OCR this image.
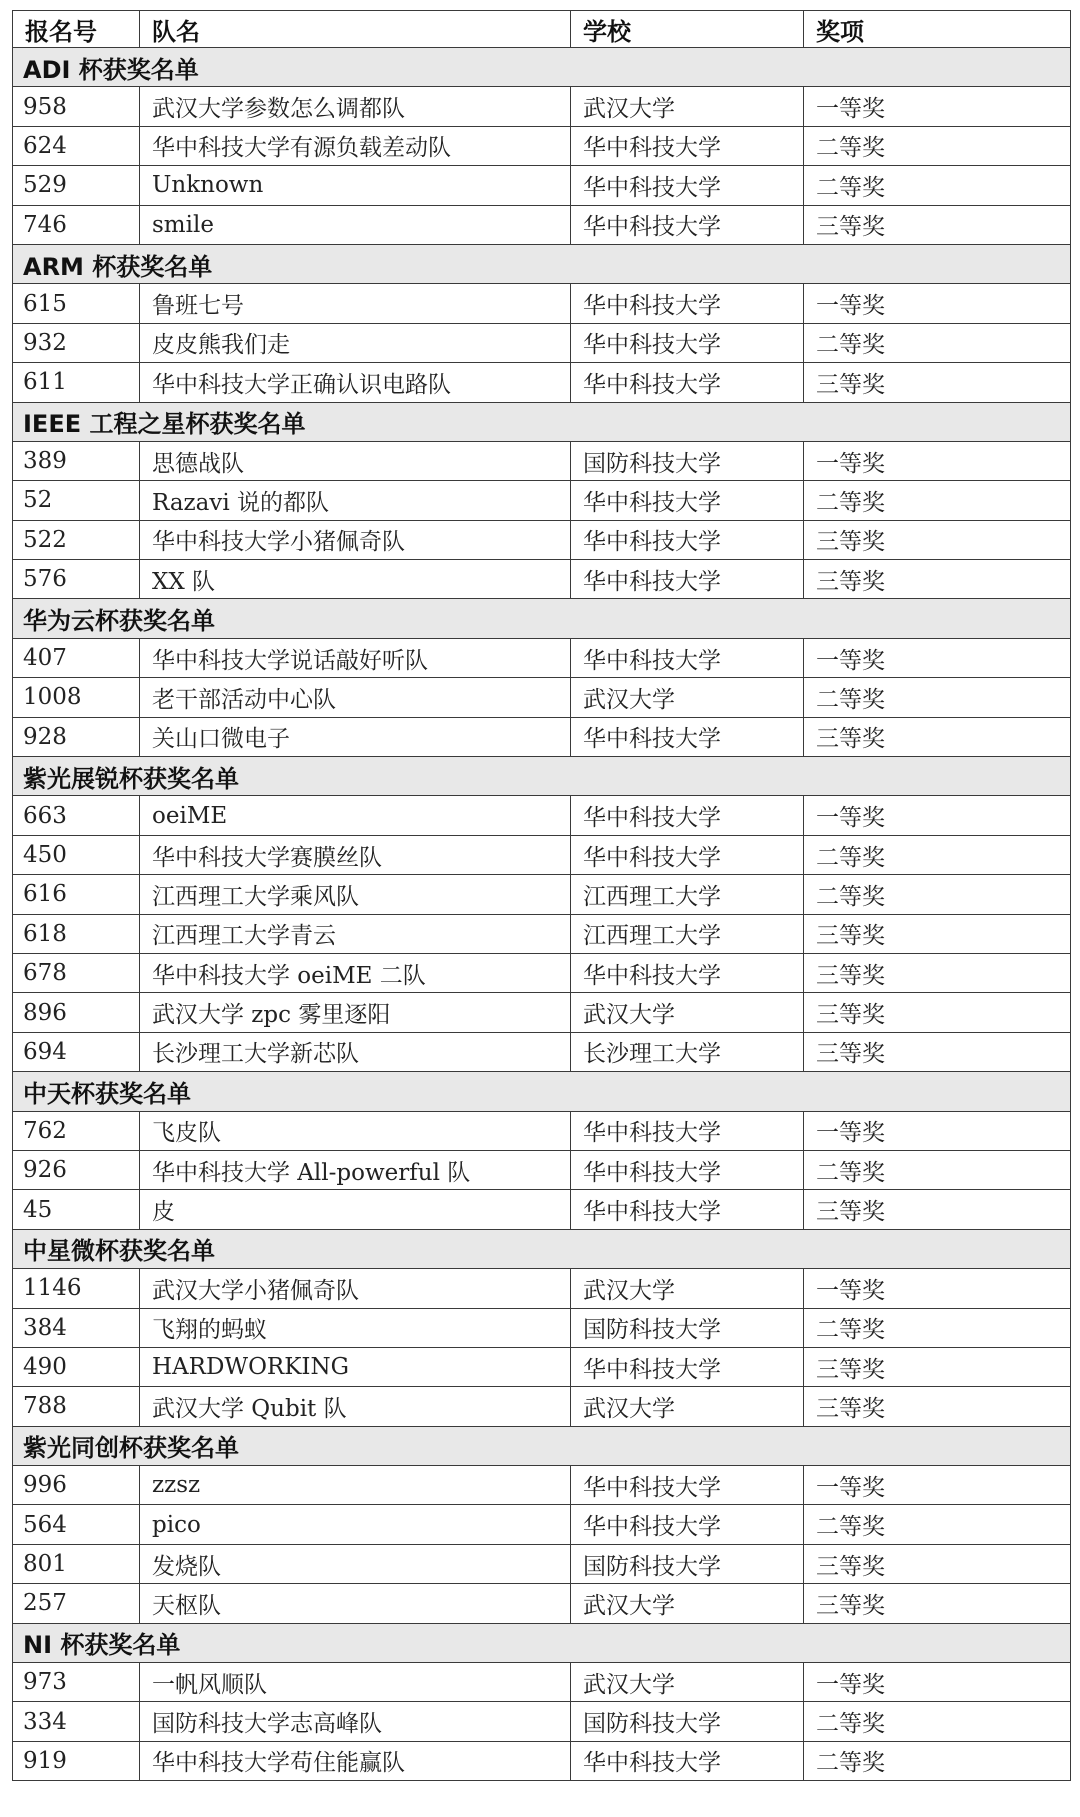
报名号	队名	学校	奖项
ADI 杯获奖名单			
958	武汉大学参数怎么调都队	武汉大学	一等奖
624	华中科技大学有源负载差动队	华中科技大学	二等奖
529	Unknown	华中科技大学	二等奖
746	smile	华中科技大学	三等奖
ARM 杯获奖名单			
615	鲁班七号	华中科技大学	一等奖
932	皮皮熊我们走	华中科技大学	二等奖
611	华中科技大学正确认识电路队	华中科技大学	三等奖
IEEE 工程之星杯获奖名单			
389	思德战队	国防科技大学	一等奖
52	Razavi 说的都队	华中科技大学	二等奖
522	华中科技大学小猪佩奇队	华中科技大学	三等奖
576	XX 队	华中科技大学	三等奖
华为云杯获奖名单			
407	华中科技大学说话敲好听队	华中科技大学	一等奖
1008	老干部活动中心队	武汉大学	二等奖
928	关山口微电子	华中科技大学	三等奖
紫光展锐杯获奖名单			
663	oeiME	华中科技大学	一等奖
450	华中科技大学赛膜丝队	华中科技大学	二等奖
616	江西理工大学乘风队	江西理工大学	二等奖
618	江西理工大学青云	江西理工大学	三等奖
678	华中科技大学 oeiME 二队	华中科技大学	三等奖
896	武汉大学 zpc 雾里逐阳	武汉大学	三等奖
694	长沙理工大学新芯队	长沙理工大学	三等奖
中天杯获奖名单			
762	飞皮队	华中科技大学	一等奖
926	华中科技大学 All-powerful 队	华中科技大学	二等奖
45	皮	华中科技大学	三等奖
中星微杯获奖名单			
1146	武汉大学小猪佩奇队	武汉大学	一等奖
384	飞翔的蚂蚁	国防科技大学	二等奖
490	HARDWORKING	华中科技大学	三等奖
788	武汉大学 Qubit 队	武汉大学	三等奖
紫光同创杯获奖名单			
996	zzsz	华中科技大学	一等奖
564	pico	华中科技大学	二等奖
801	发烧队	国防科技大学	三等奖
257	天枢队	武汉大学	三等奖
NI 杯获奖名单			
973	一帆风顺队	武汉大学	一等奖
334	国防科技大学志高峰队	国防科技大学	二等奖
919	华中科技大学苟住能赢队	华中科技大学	二等奖
